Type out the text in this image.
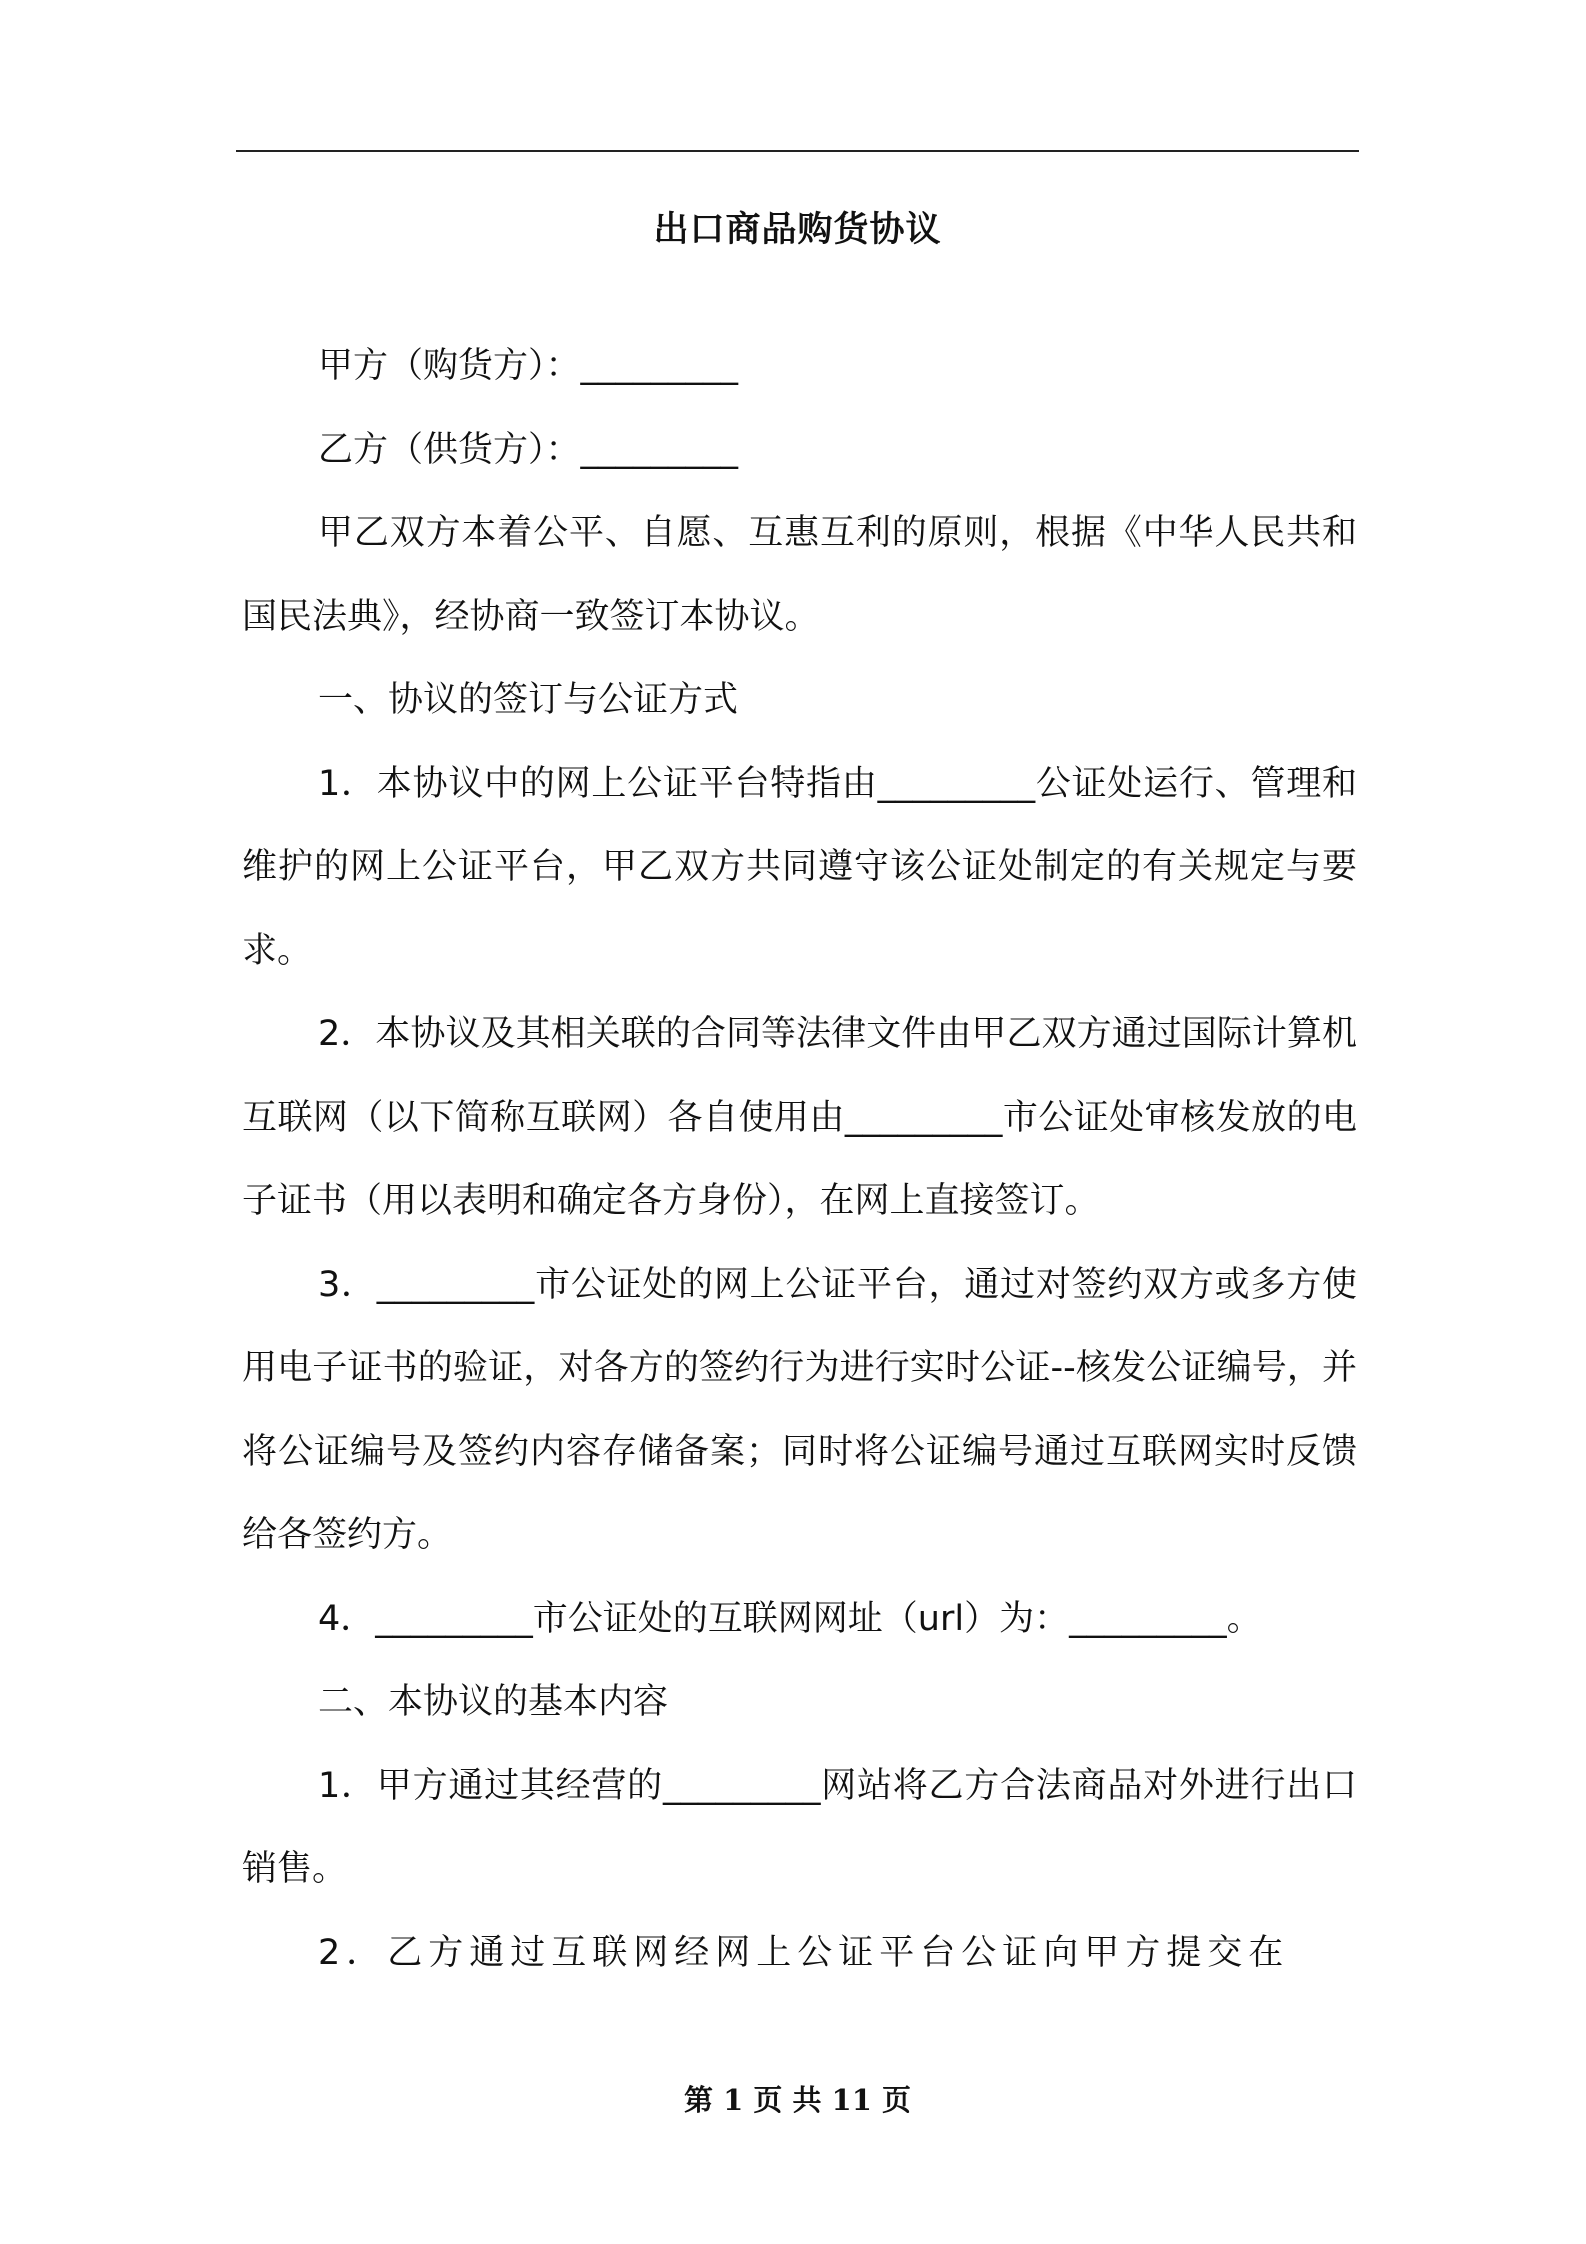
出口商品购货协议

甲方（购货方）：_________

乙方（供货方）：_________

甲乙双方本着公平、自愿、互惠互利的原则，根据《中华人民共和国民法典》，经协商一致签订本协议。

一、协议的签订与公证方式

1．本协议中的网上公证平台特指由_________公证处运行、管理和维护的网上公证平台，甲乙双方共同遵守该公证处制定的有关规定与要求。

2．本协议及其相关联的合同等法律文件由甲乙双方通过国际计算机互联网（以下简称互联网）各自使用由_________市公证处审核发放的电子证书（用以表明和确定各方身份），在网上直接签订。

3．_________市公证处的网上公证平台，通过对签约双方或多方使用电子证书的验证，对各方的签约行为进行实时公证--核发公证编号，并将公证编号及签约内容存储备案；同时将公证编号通过互联网实时反馈给各签约方。

4．_________市公证处的互联网网址（url）为：_________。

二、本协议的基本内容

1．甲方通过其经营的_________网站将乙方合法商品对外进行出口销售。

2．乙方通过互联网经网上公证平台公证向甲方提交在

第 1 页 共 11 页
